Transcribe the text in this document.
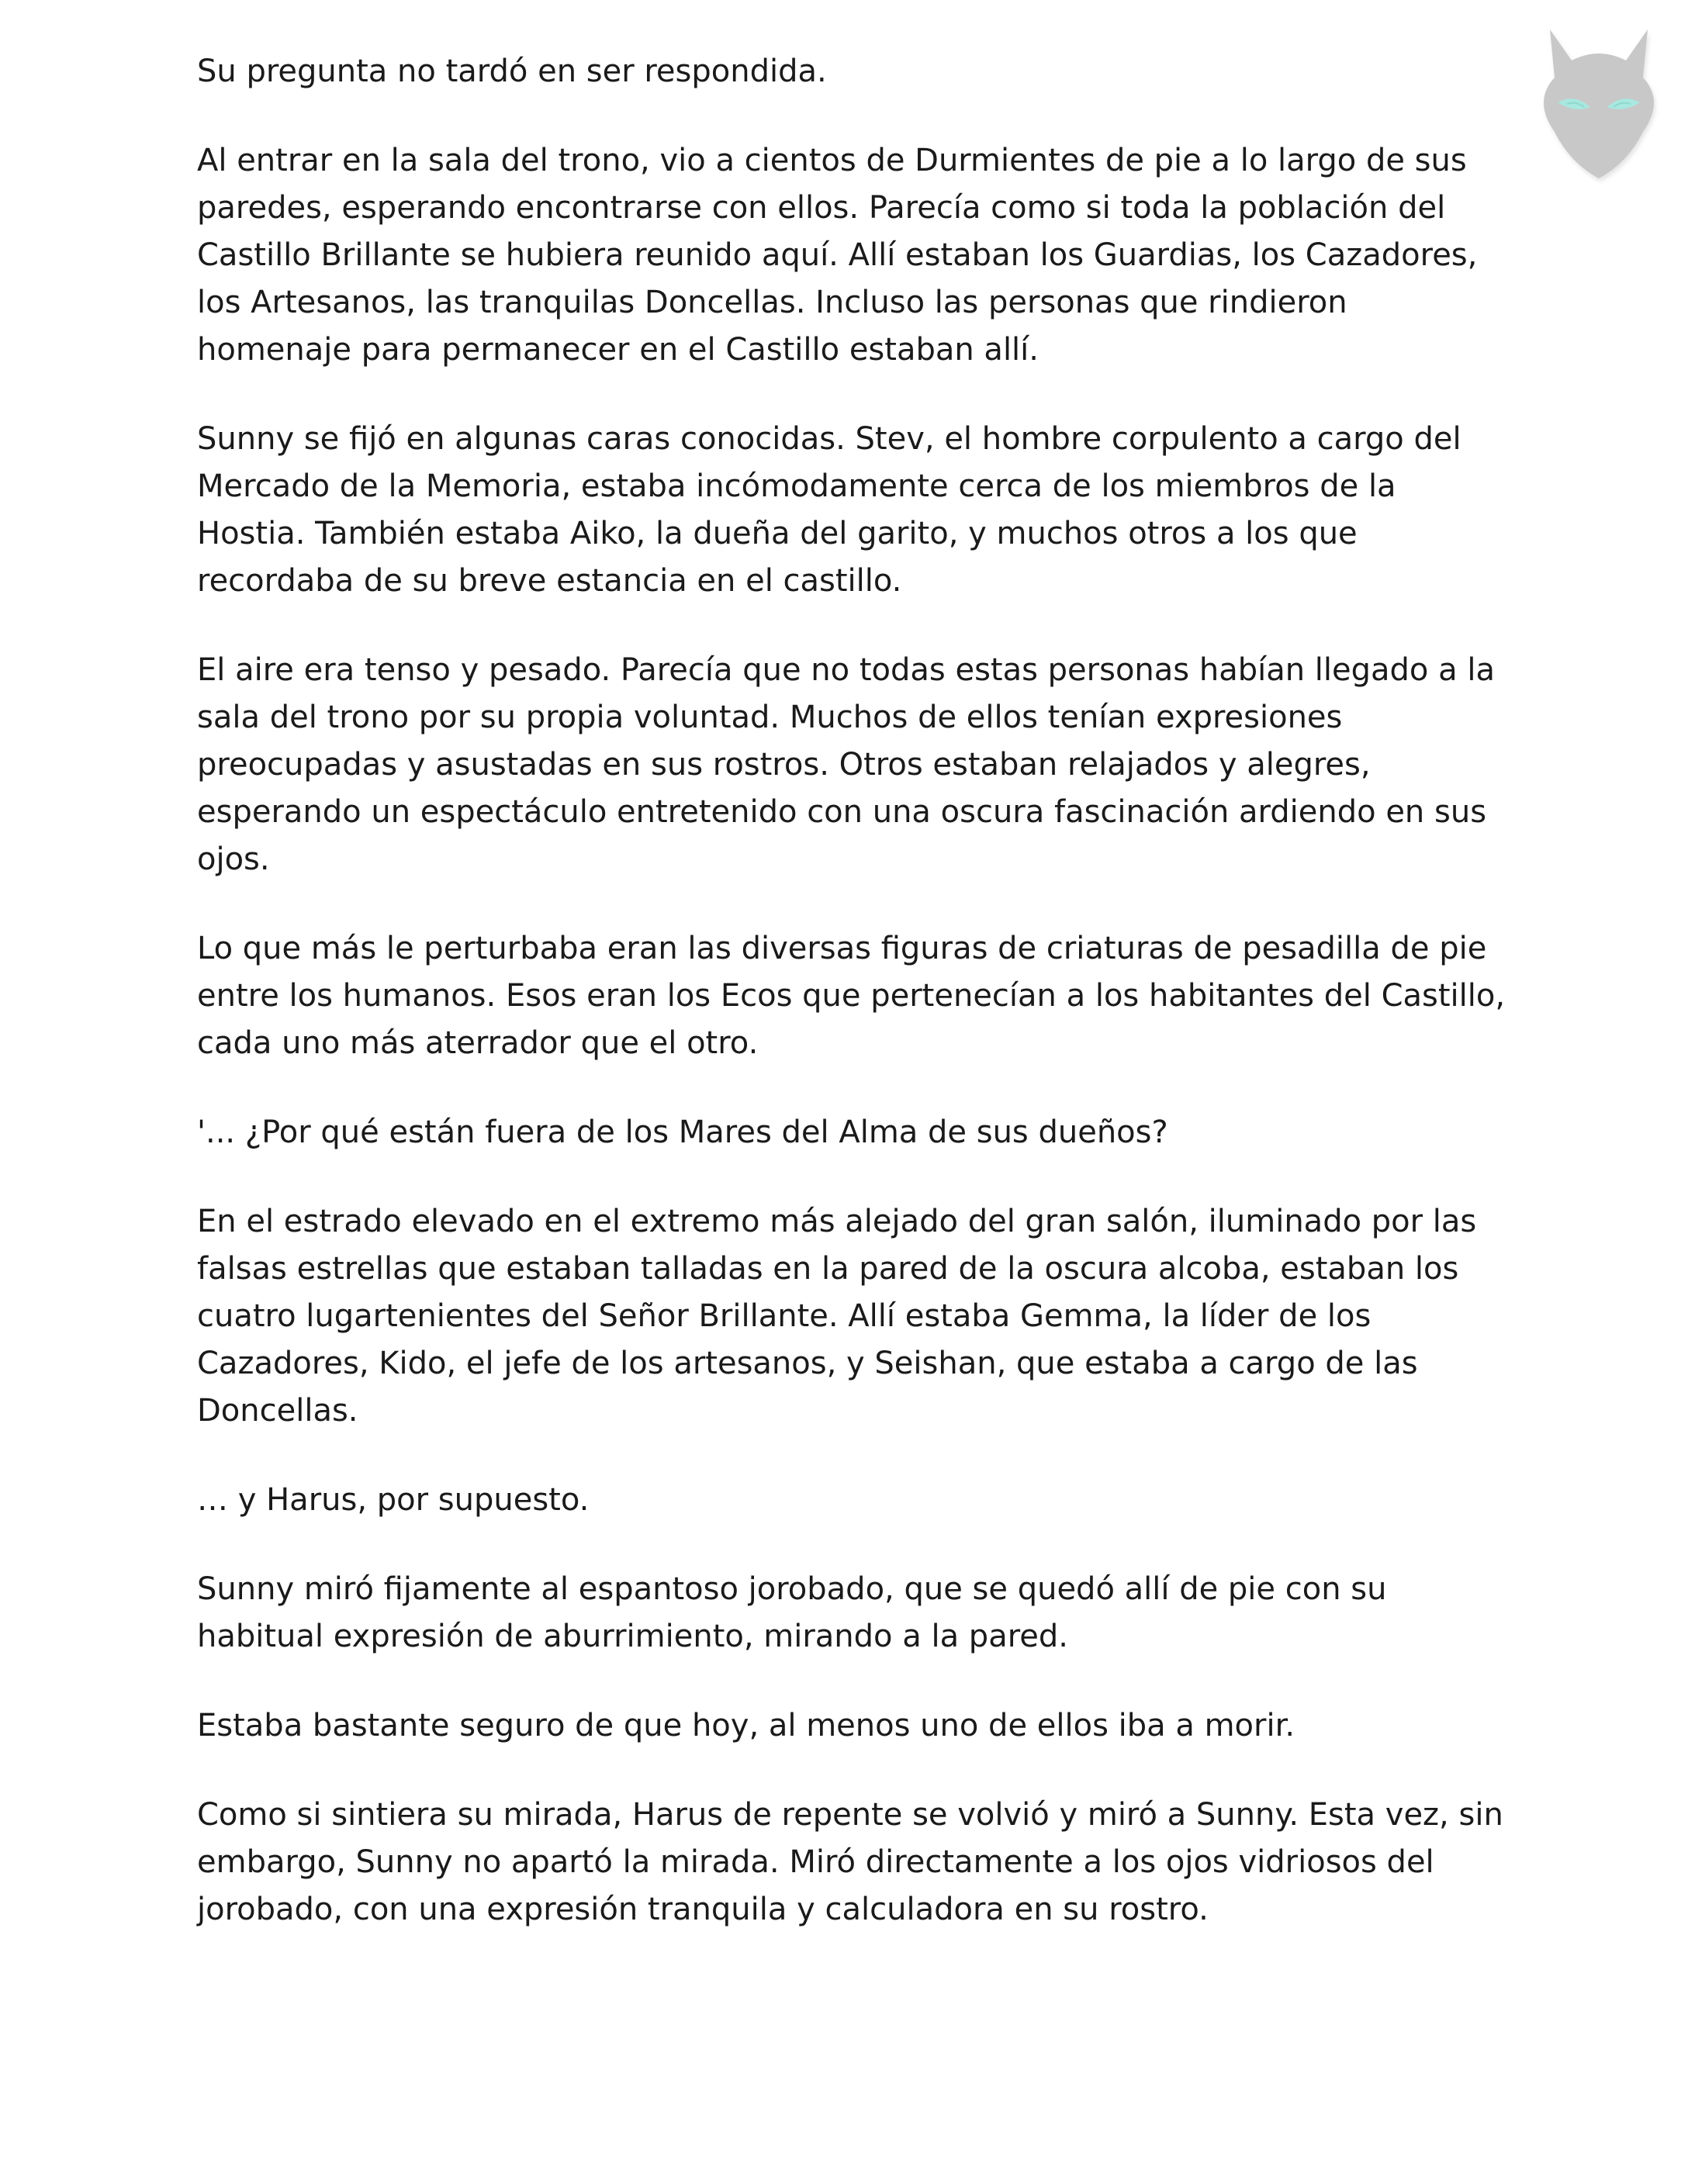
Su pregunta no tardó en ser respondida.

Al entrar en la sala del trono, vio a cientos de Durmientes de pie a lo largo de sus paredes, esperando encontrarse con ellos. Parecía como si toda la población del Castillo Brillante se hubiera reunido aquí. Allí estaban los Guardias, los Cazadores, los Artesanos, las tranquilas Doncellas. Incluso las personas que rindieron homenaje para permanecer en el Castillo estaban allí.

Sunny se fijó en algunas caras conocidas. Stev, el hombre corpulento a cargo del Mercado de la Memoria, estaba incómodamente cerca de los miembros de la Hostia. También estaba Aiko, la dueña del garito, y muchos otros a los que recordaba de su breve estancia en el castillo.

El aire era tenso y pesado. Parecía que no todas estas personas habían llegado a la sala del trono por su propia voluntad. Muchos de ellos tenían expresiones preocupadas y asustadas en sus rostros. Otros estaban relajados y alegres, esperando un espectáculo entretenido con una oscura fascinación ardiendo en sus ojos.

Lo que más le perturbaba eran las diversas figuras de criaturas de pesadilla de pie entre los humanos. Esos eran los Ecos que pertenecían a los habitantes del Castillo, cada uno más aterrador que el otro.

'... ¿Por qué están fuera de los Mares del Alma de sus dueños?

En el estrado elevado en el extremo más alejado del gran salón, iluminado por las falsas estrellas que estaban talladas en la pared de la oscura alcoba, estaban los cuatro lugartenientes del Señor Brillante. Allí estaba Gemma, la líder de los Cazadores, Kido, el jefe de los artesanos, y Seishan, que estaba a cargo de las Doncellas.

… y Harus, por supuesto.

Sunny miró fijamente al espantoso jorobado, que se quedó allí de pie con su habitual expresión de aburrimiento, mirando a la pared.

Estaba bastante seguro de que hoy, al menos uno de ellos iba a morir.

Como si sintiera su mirada, Harus de repente se volvió y miró a Sunny. Esta vez, sin embargo, Sunny no apartó la mirada. Miró directamente a los ojos vidriosos del jorobado, con una expresión tranquila y calculadora en su rostro.
